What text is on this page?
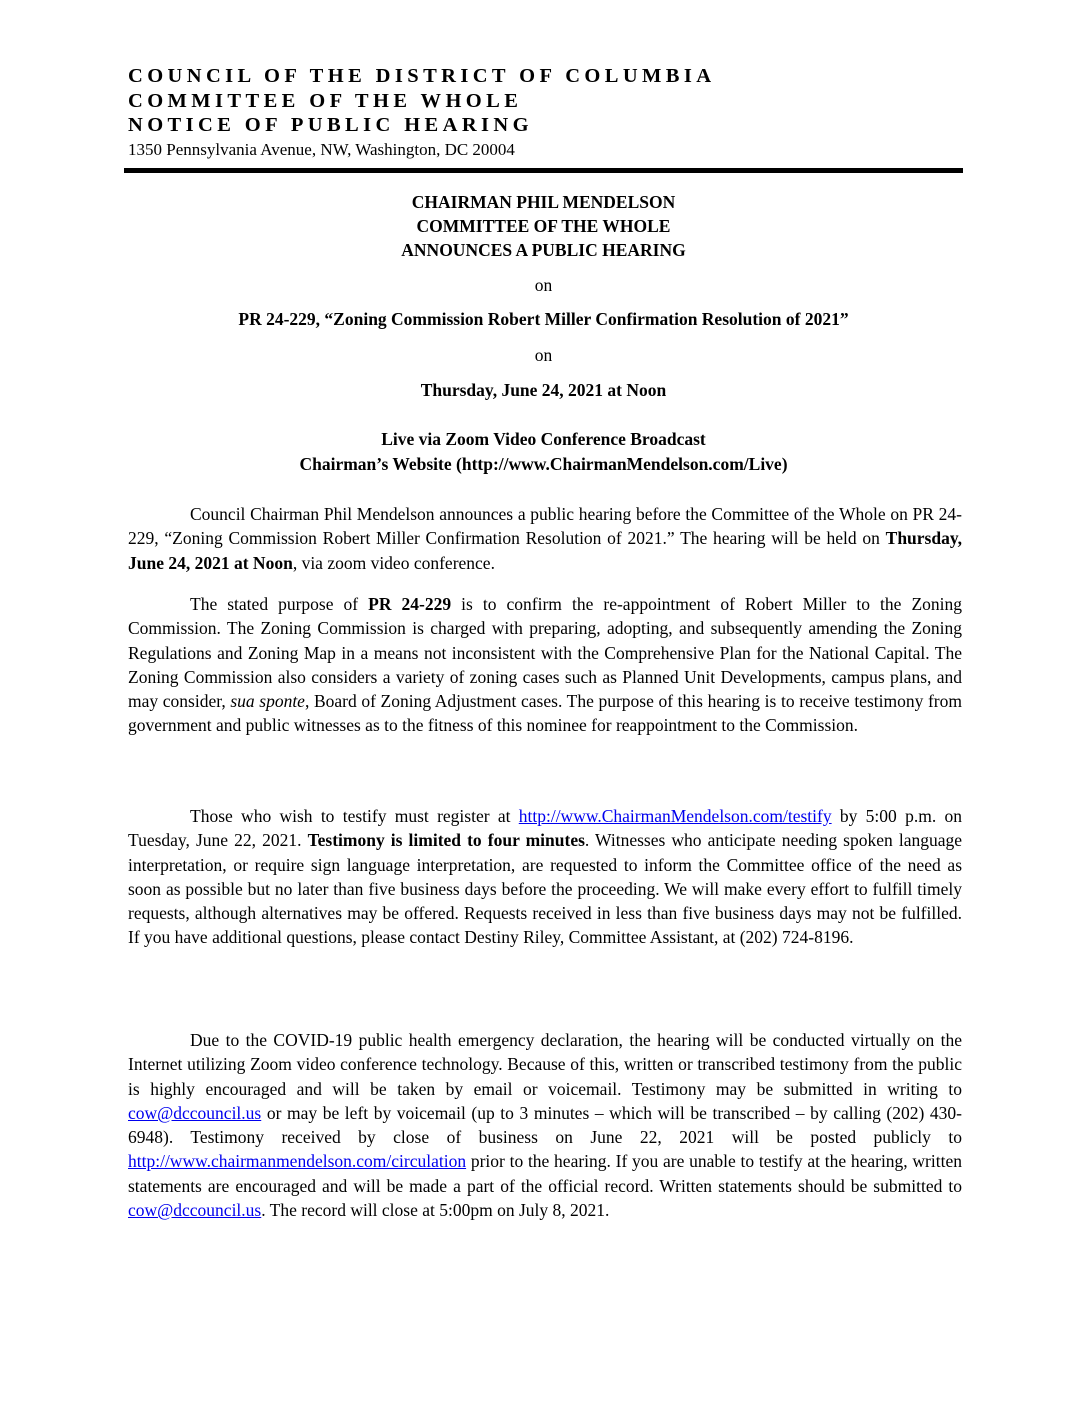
COUNCIL OF THE DISTRICT OF COLUMBIA
COMMITTEE OF THE WHOLE
NOTICE OF PUBLIC HEARING
1350 Pennsylvania Avenue, NW, Washington, DC 20004
CHAIRMAN PHIL MENDELSON
COMMITTEE OF THE WHOLE
ANNOUNCES A PUBLIC HEARING
on
PR 24-229, “Zoning Commission Robert Miller Confirmation Resolution of 2021”
on
Thursday, June 24, 2021 at Noon
Live via Zoom Video Conference Broadcast
Chairman’s Website (http://www.ChairmanMendelson.com/Live)

Council Chairman Phil Mendelson announces a public hearing before the Committee of the Whole on PR 24-229, “Zoning Commission Robert Miller Confirmation Resolution of 2021.” The hearing will be held on Thursday, June 24, 2021 at Noon, via zoom video conference.

The stated purpose of PR 24-229 is to confirm the re-appointment of Robert Miller to the Zoning Commission. The Zoning Commission is charged with preparing, adopting, and subsequently amending the Zoning Regulations and Zoning Map in a means not inconsistent with the Comprehensive Plan for the National Capital. The Zoning Commission also considers a variety of zoning cases such as Planned Unit Developments, campus plans, and may consider, sua sponte, Board of Zoning Adjustment cases. The purpose of this hearing is to receive testimony from government and public witnesses as to the fitness of this nominee for reappointment to the Commission.

Those who wish to testify must register at http://www.ChairmanMendelson.com/testify by 5:00 p.m. on Tuesday, June 22, 2021. Testimony is limited to four minutes. Witnesses who anticipate needing spoken language interpretation, or require sign language interpretation, are requested to inform the Committee office of the need as soon as possible but no later than five business days before the proceeding. We will make every effort to fulfill timely requests, although alternatives may be offered. Requests received in less than five business days may not be fulfilled. If you have additional questions, please contact Destiny Riley, Committee Assistant, at (202) 724-8196.

Due to the COVID-19 public health emergency declaration, the hearing will be conducted virtually on the Internet utilizing Zoom video conference technology. Because of this, written or transcribed testimony from the public is highly encouraged and will be taken by email or voicemail. Testimony may be submitted in writing to cow@dccouncil.us or may be left by voicemail (up to 3 minutes – which will be transcribed – by calling (202) 430-6948). Testimony received by close of business on June 22, 2021 will be posted publicly to http://www.chairmanmendelson.com/circulation prior to the hearing. If you are unable to testify at the hearing, written statements are encouraged and will be made a part of the official record. Written statements should be submitted to cow@dccouncil.us. The record will close at 5:00pm on July 8, 2021.
